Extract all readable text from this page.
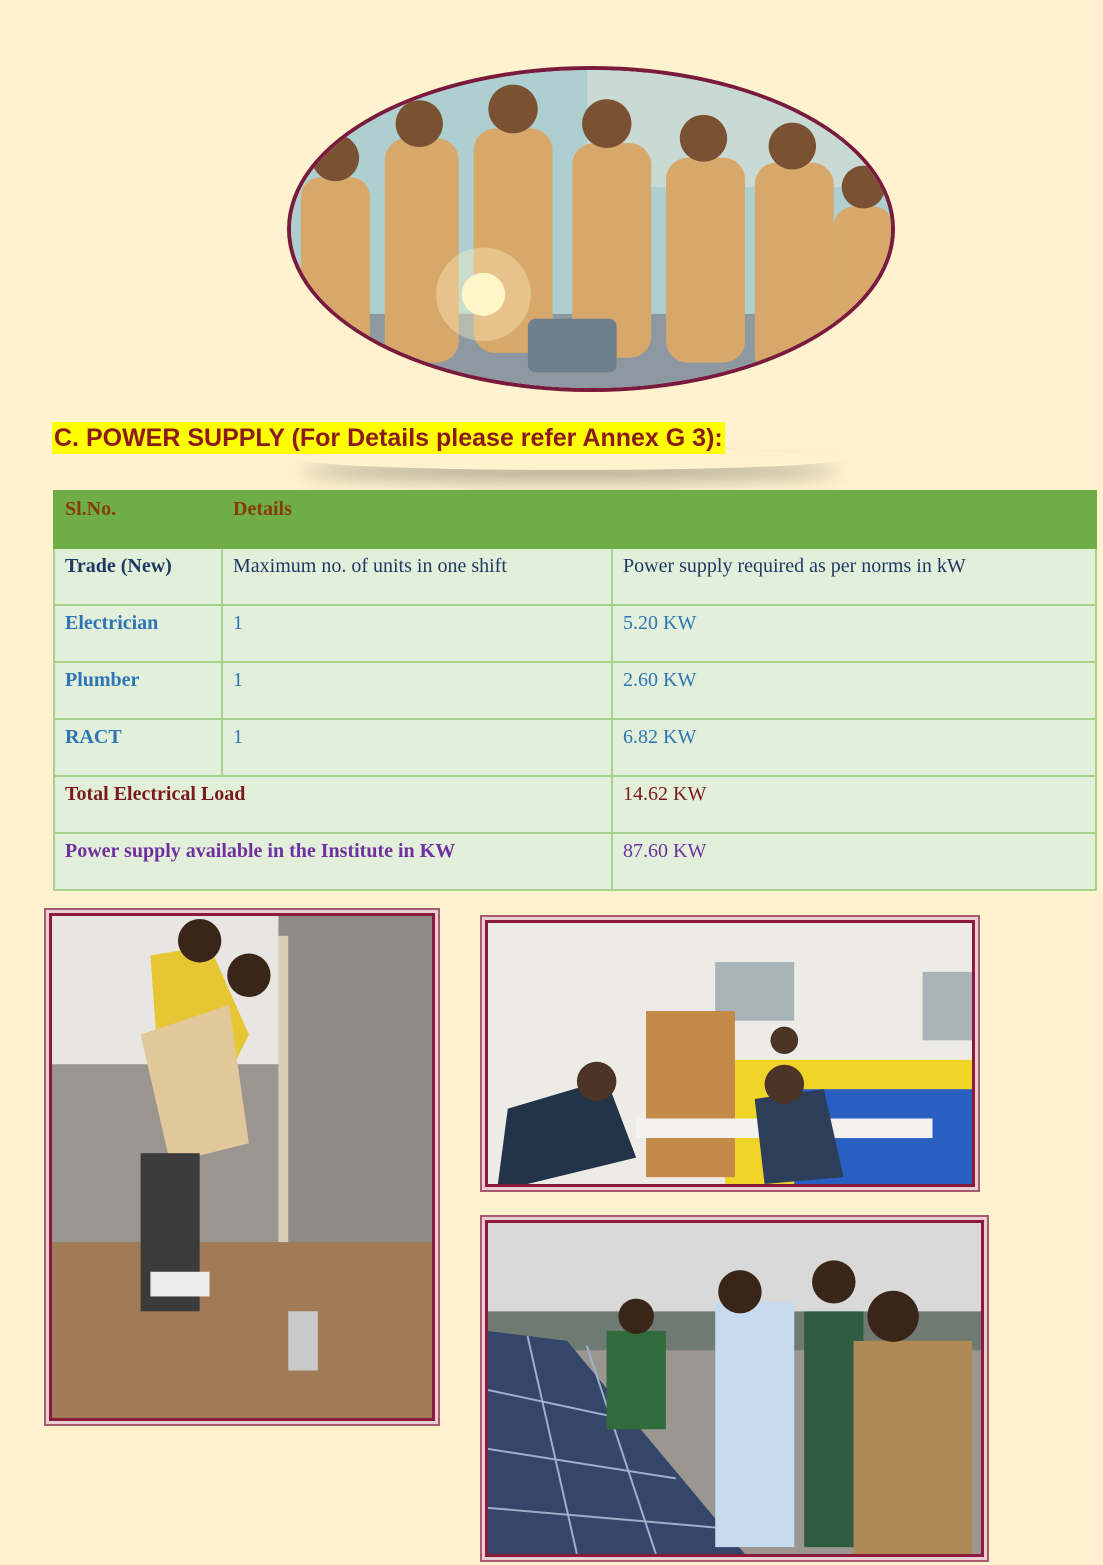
C. POWER SUPPLY (For Details please refer Annex G 3):
Sl.No.	Details	
Trade (New)	Maximum no. of units in one shift	Power supply required as per norms in kW
Electrician	1	5.20 KW
Plumber	1	2.60 KW
RACT	1	6.82 KW
Total Electrical Load		14.62 KW
Power supply available in the Institute in KW		87.60 KW
